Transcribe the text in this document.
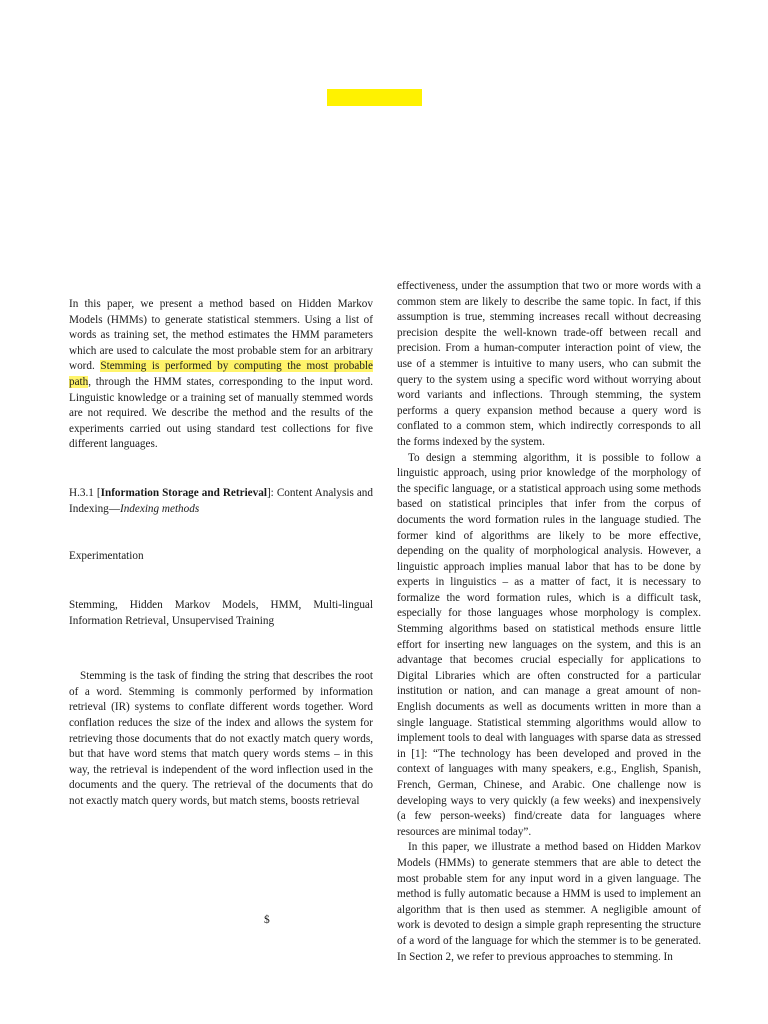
In this paper, we present a method based on Hidden Markov Models (HMMs) to generate statistical stemmers. Using a list of words as training set, the method estimates the HMM parameters which are used to calculate the most probable stem for an arbitrary word. Stemming is performed by computing the most probable path, through the HMM states, corresponding to the input word. Linguistic knowledge or a training set of manually stemmed words are not required. We describe the method and the results of the experiments carried out using standard test collections for five different languages.

H.3.1 [Information Storage and Retrieval]: Content Analysis and Indexing—Indexing methods
Experimentation
Stemming, Hidden Markov Models, HMM, Multi-lingual Information Retrieval, Unsupervised Training

Stemming is the task of finding the string that describes the root of a word. Stemming is commonly performed by information retrieval (IR) systems to conflate different words together. Word conflation reduces the size of the index and allows the system for retrieving those documents that do not exactly match query words, but that have word stems that match query words stems – in this way, the retrieval is independent of the word inflection used in the documents and the query. The retrieval of the documents that do not exactly match query words, but match stems, boosts retrieval

effectiveness, under the assumption that two or more words with a common stem are likely to describe the same topic. In fact, if this assumption is true, stemming increases recall without decreasing precision despite the well-known trade-off between recall and precision. From a human-computer interaction point of view, the use of a stemmer is intuitive to many users, who can submit the query to the system using a specific word without worrying about word variants and inflections. Through stemming, the system performs a query expansion method because a query word is conflated to a common stem, which indirectly corresponds to all the forms indexed by the system.

To design a stemming algorithm, it is possible to follow a linguistic approach, using prior knowledge of the morphology of the specific language, or a statistical approach using some methods based on statistical principles that infer from the corpus of documents the word formation rules in the language studied. The former kind of algorithms are likely to be more effective, depending on the quality of morphological analysis. However, a linguistic approach implies manual labor that has to be done by experts in linguistics – as a matter of fact, it is necessary to formalize the word formation rules, which is a difficult task, especially for those languages whose morphology is complex. Stemming algorithms based on statistical methods ensure little effort for inserting new languages on the system, and this is an advantage that becomes crucial especially for applications to Digital Libraries which are often constructed for a particular institution or nation, and can manage a great amount of non-English documents as well as documents written in more than a single language. Statistical stemming algorithms would allow to implement tools to deal with languages with sparse data as stressed in [1]: “The technology has been developed and proved in the context of languages with many speakers, e.g., English, Spanish, French, German, Chinese, and Arabic. One challenge now is developing ways to very quickly (a few weeks) and inexpensively (a few person-weeks) find/create data for languages where resources are minimal today”.

In this paper, we illustrate a method based on Hidden Markov Models (HMMs) to generate stemmers that are able to detect the most probable stem for any input word in a given language. The method is fully automatic because a HMM is used to implement an algorithm that is then used as stemmer. A negligible amount of work is devoted to design a simple graph representing the structure of a word of the language for which the stemmer is to be generated. In Section 2, we refer to previous approaches to stemming. In

$
